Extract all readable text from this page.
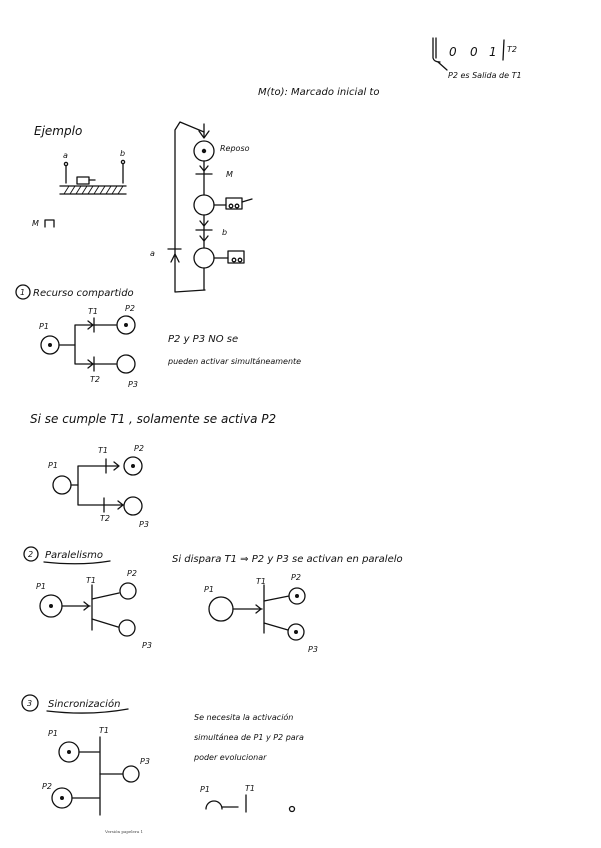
0 0 1 T2
P2 es Salida de T1
M(to): Marcado inicial to
Ejemplo
a	b
M
Reposo
M
b
a
1 Recurso compartido
P1
T1	P2
T2
P3
P2 y P3 NO se
pueden activar simultáneamente
Si se cumple T1 , solamente se activa P2
P1
T1	P2
T2
P3
2 Paralelismo	Si dispara T1 ⇒ P2 y P3 se activan en paralelo
P1
T1
P2
P3
P1
T1	P2
P3
3 Sincronización
Se necesita la activación
simultánea de P1 y P2 para
poder evolucionar
P1
P2
T1
P3
P1	T1
Versión papelera 1
